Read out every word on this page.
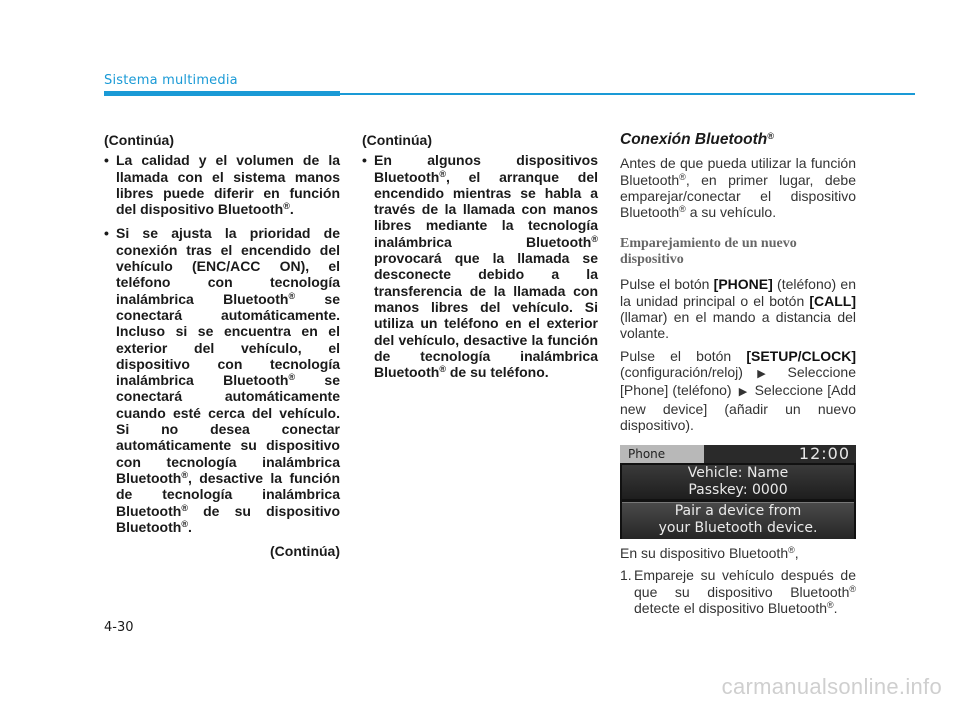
Sistema multimedia

(Continúa)

• La calidad y el volumen de la llamada con el sistema manos libres puede diferir en función del dispositivo Bluetooth®.
• Si se ajusta la prioridad de conexión tras el encendido del vehículo (ENC/ACC ON), el teléfono con tecnología inalámbrica Bluetooth® se conectará automáticamente. Incluso si se encuentra en el exterior del vehículo, el dispositivo con tecnología inalámbrica Bluetooth® se conectará automáticamente cuando esté cerca del vehículo. Si no desea conectar automáticamente su dispositivo con tecnología inalámbrica Bluetooth®, desactive la función de tecnología inalámbrica Bluetooth® de su dispositivo Bluetooth®.

(Continúa)

(Continúa)

• En algunos dispositivos Bluetooth®, el arranque del encendido mientras se habla a través de la llamada con manos libres mediante la tecnología inalámbrica Bluetooth® provocará que la llamada se desconecte debido a la transferencia de la llamada con manos libres del vehículo. Si utiliza un teléfono en el exterior del vehículo, desactive la función de tecnología inalámbrica Bluetooth® de su teléfono.
Conexión Bluetooth®

Antes de que pueda utilizar la función Bluetooth®, en primer lugar, debe emparejar/conectar el dispositivo Bluetooth® a su vehículo.

Emparejamiento de un nuevo dispositivo

Pulse el botón [PHONE] (teléfono) en la unidad principal o el botón [CALL] (llamar) en el mando a distancia del volante.

Pulse el botón [SETUP/CLOCK] (configuración/reloj) ▶ Seleccione [Phone] (teléfono) ▶ Seleccione [Add new device] (añadir un nuevo dispositivo).

Phone	12:00
Vehicle: Name
Passkey: 0000
Pair a device from
your Bluetooth device.

En su dispositivo Bluetooth®,

1. Empareje su vehículo después de que su dispositivo Bluetooth® detecte el dispositivo Bluetooth®.
4-30
carmanualsonline.info
